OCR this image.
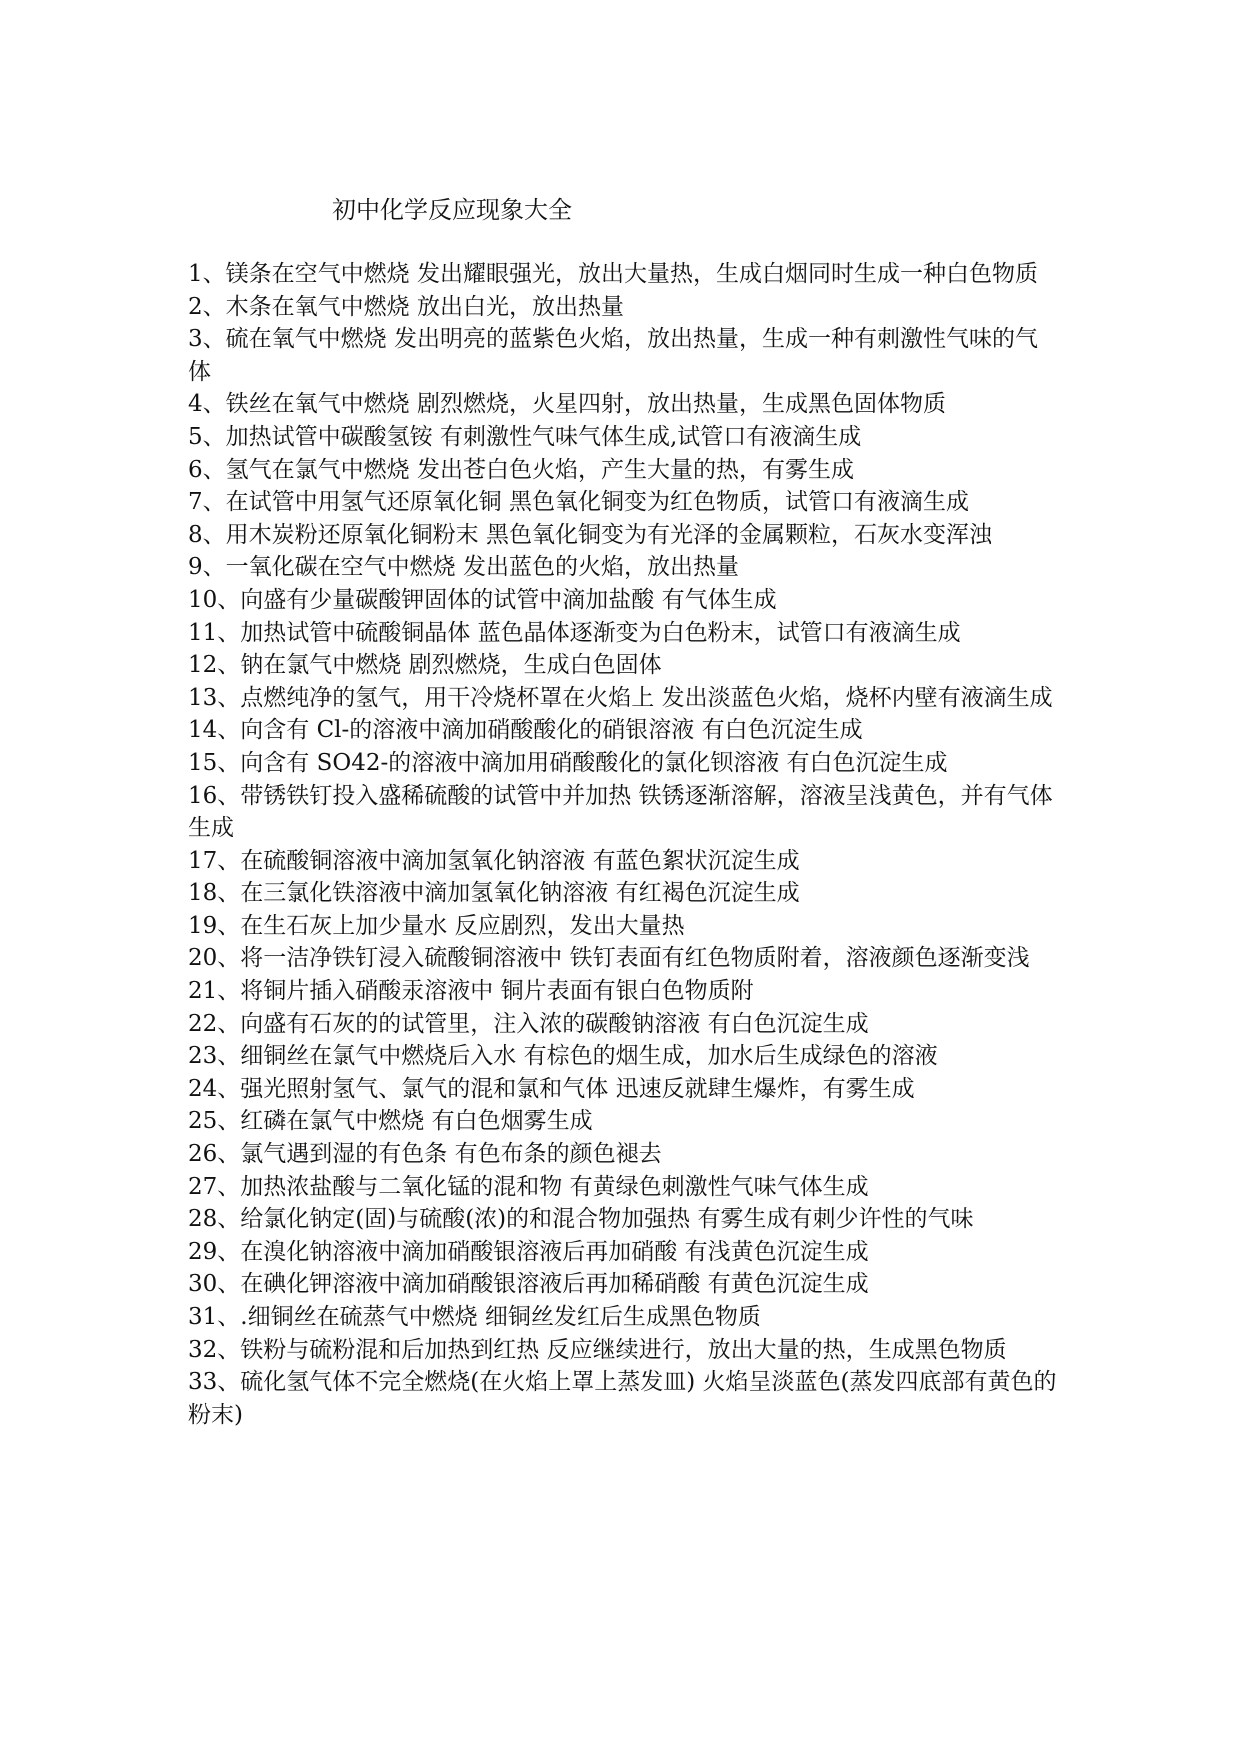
初中化学反应现象大全
1、镁条在空气中燃烧 发出耀眼强光，放出大量热，生成白烟同时生成一种白色物质
2、木条在氧气中燃烧 放出白光，放出热量
3、硫在氧气中燃烧 发出明亮的蓝紫色火焰，放出热量，生成一种有刺激性气味的气体
4、铁丝在氧气中燃烧 剧烈燃烧，火星四射，放出热量，生成黑色固体物质
5、加热试管中碳酸氢铵 有刺激性气味气体生成,试管口有液滴生成
6、氢气在氯气中燃烧 发出苍白色火焰，产生大量的热，有雾生成
7、在试管中用氢气还原氧化铜 黑色氧化铜变为红色物质，试管口有液滴生成
8、用木炭粉还原氧化铜粉末 黑色氧化铜变为有光泽的金属颗粒，石灰水变浑浊
9、一氧化碳在空气中燃烧 发出蓝色的火焰，放出热量
10、向盛有少量碳酸钾固体的试管中滴加盐酸 有气体生成
11、加热试管中硫酸铜晶体 蓝色晶体逐渐变为白色粉末，试管口有液滴生成
12、钠在氯气中燃烧 剧烈燃烧，生成白色固体
13、点燃纯净的氢气，用干冷烧杯罩在火焰上 发出淡蓝色火焰，烧杯内壁有液滴生成
14、向含有 Cl-的溶液中滴加硝酸酸化的硝银溶液 有白色沉淀生成
15、向含有 SO42-的溶液中滴加用硝酸酸化的氯化钡溶液 有白色沉淀生成
16、带锈铁钉投入盛稀硫酸的试管中并加热 铁锈逐渐溶解，溶液呈浅黄色，并有气体生成
17、在硫酸铜溶液中滴加氢氧化钠溶液 有蓝色絮状沉淀生成
18、在三氯化铁溶液中滴加氢氧化钠溶液 有红褐色沉淀生成
19、在生石灰上加少量水 反应剧烈，发出大量热
20、将一洁净铁钉浸入硫酸铜溶液中 铁钉表面有红色物质附着，溶液颜色逐渐变浅
21、将铜片插入硝酸汞溶液中 铜片表面有银白色物质附
22、向盛有石灰的的试管里，注入浓的碳酸钠溶液 有白色沉淀生成
23、细铜丝在氯气中燃烧后入水 有棕色的烟生成，加水后生成绿色的溶液
24、强光照射氢气、氯气的混和氯和气体 迅速反就肆生爆炸，有雾生成
25、红磷在氯气中燃烧 有白色烟雾生成
26、氯气遇到湿的有色条 有色布条的颜色褪去
27、加热浓盐酸与二氧化锰的混和物 有黄绿色刺激性气味气体生成
28、给氯化钠定(固)与硫酸(浓)的和混合物加强热 有雾生成有刺少许性的气味
29、在溴化钠溶液中滴加硝酸银溶液后再加硝酸 有浅黄色沉淀生成
30、在碘化钾溶液中滴加硝酸银溶液后再加稀硝酸 有黄色沉淀生成
31、.细铜丝在硫蒸气中燃烧 细铜丝发红后生成黑色物质
32、铁粉与硫粉混和后加热到红热 反应继续进行，放出大量的热，生成黑色物质
33、硫化氢气体不完全燃烧(在火焰上罩上蒸发皿) 火焰呈淡蓝色(蒸发四底部有黄色的粉末)
